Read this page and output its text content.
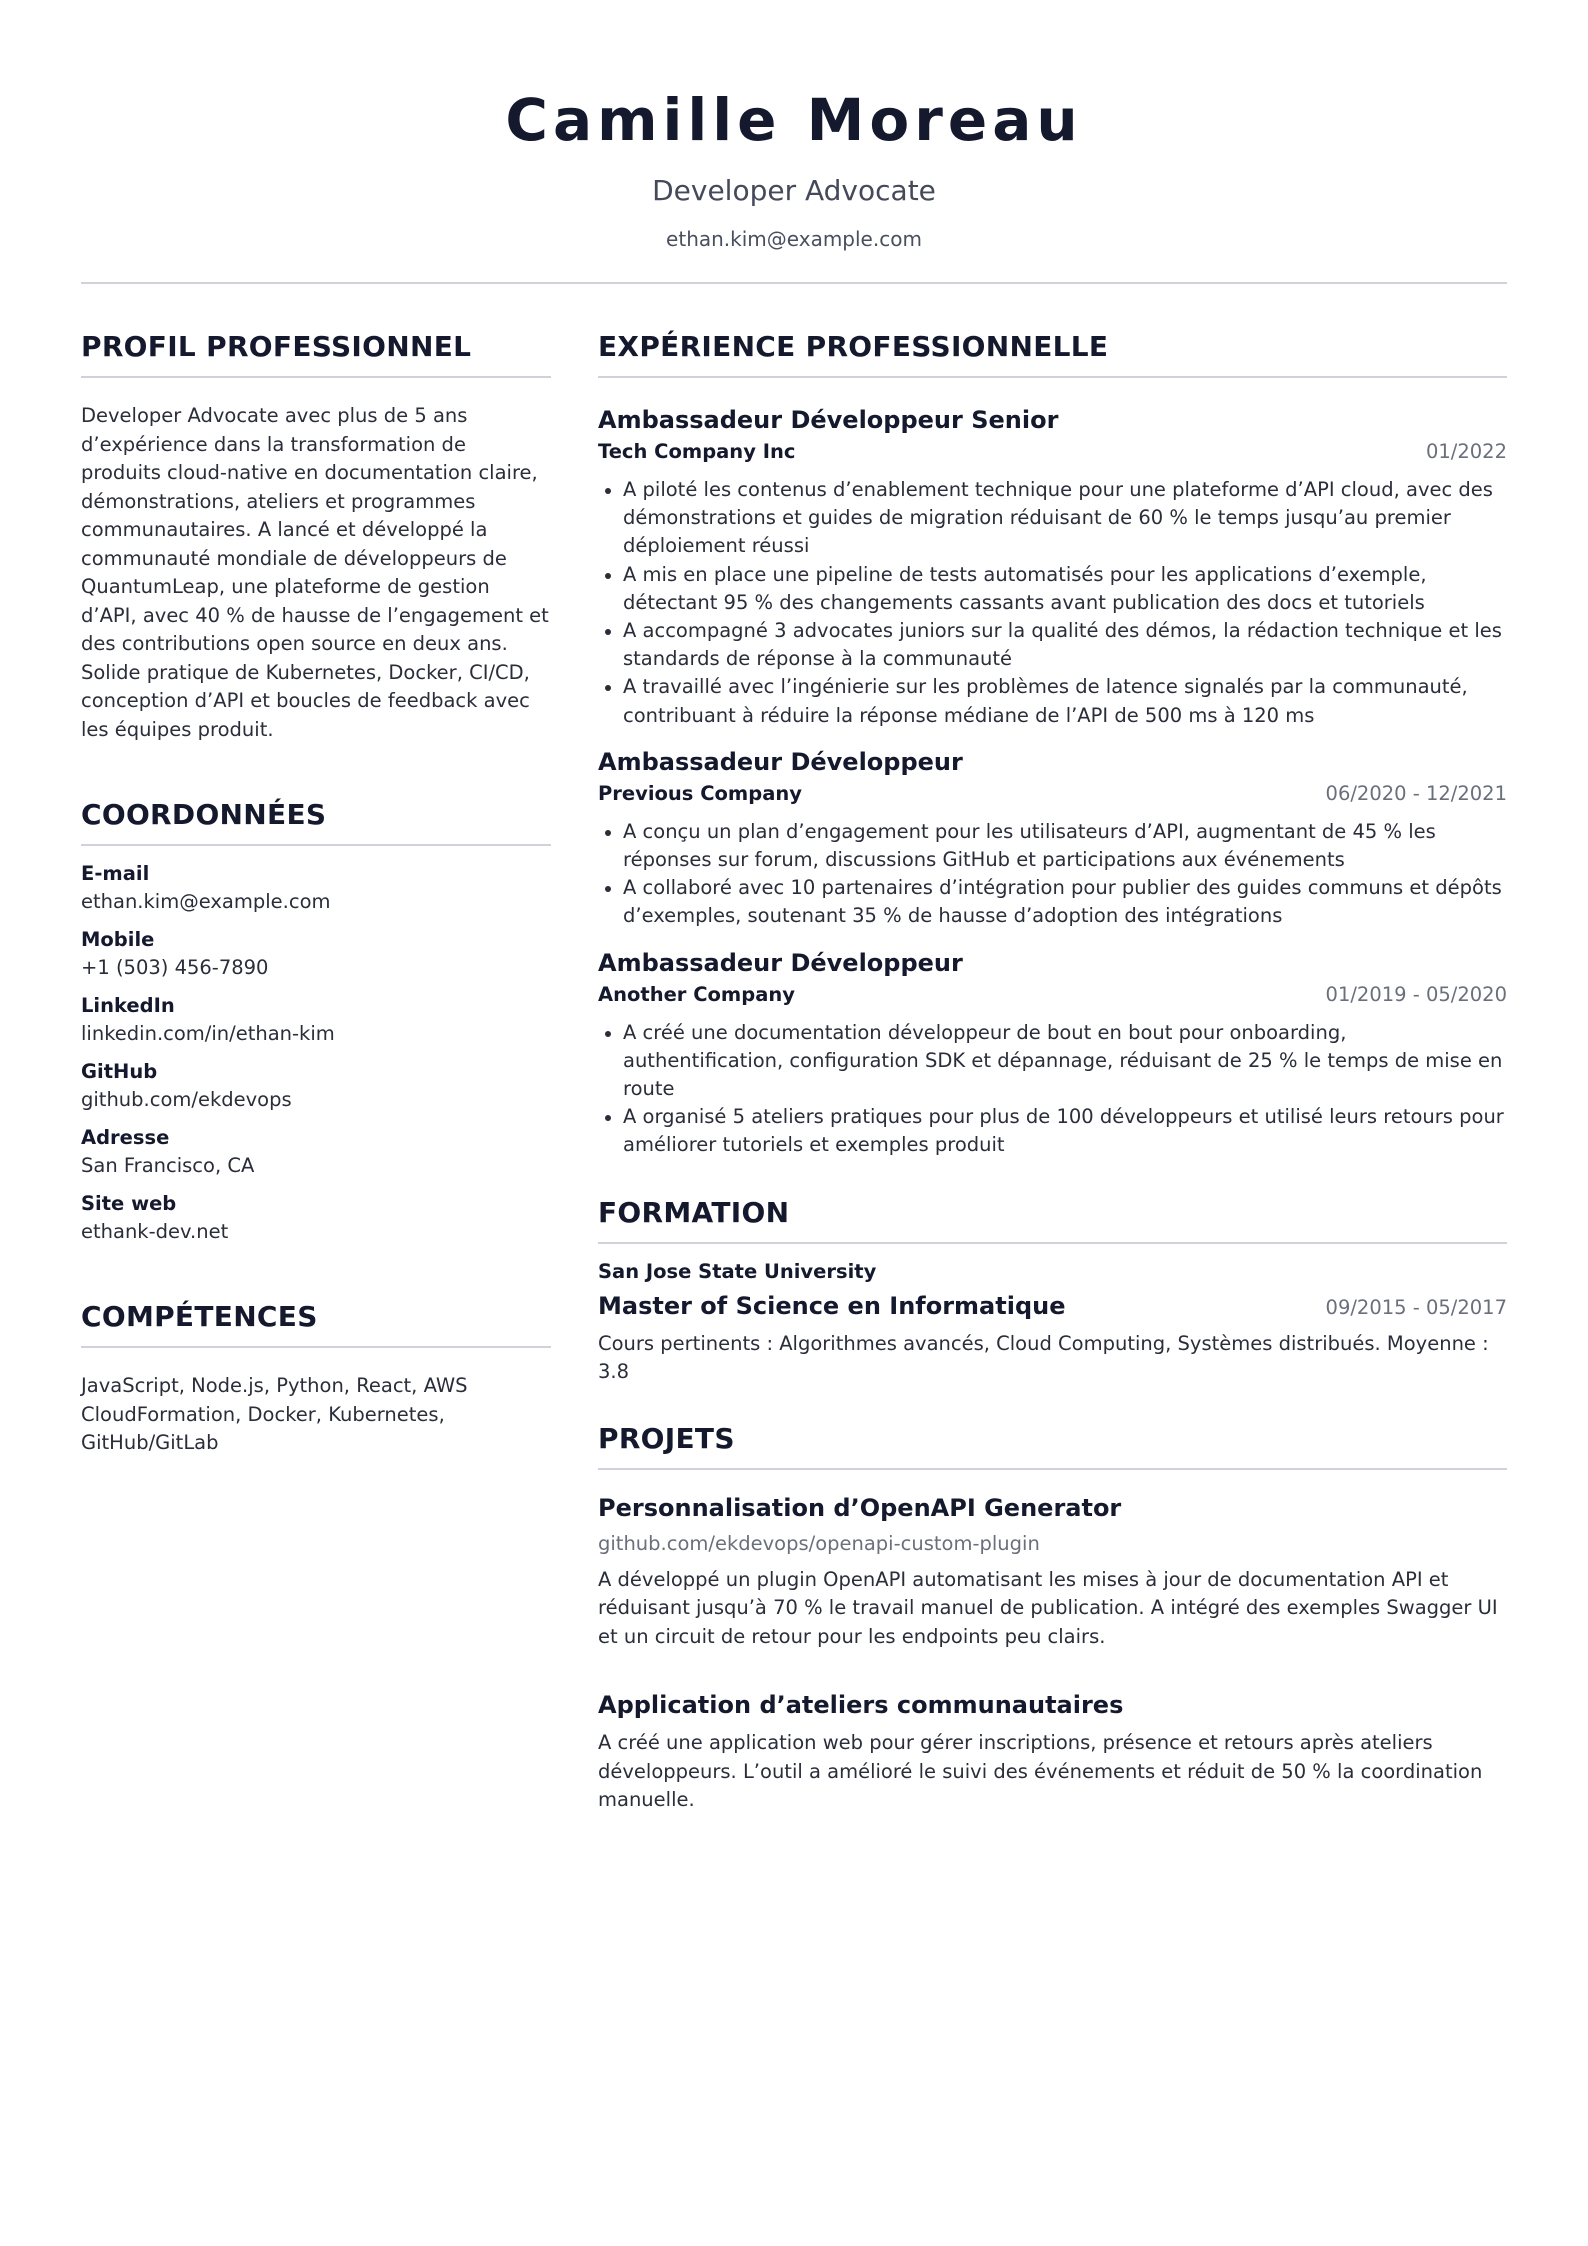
Camille Moreau
Developer Advocate
ethan.kim@example.com
PROFIL PROFESSIONNEL

Developer Advocate avec plus de 5 ans d’expérience dans la transformation de produits cloud-native en documentation claire, démonstrations, ateliers et programmes communautaires. A lancé et développé la communauté mondiale de développeurs de QuantumLeap, une plateforme de gestion d’API, avec 40 % de hausse de l’engagement et des contributions open source en deux ans. Solide pratique de Kubernetes, Docker, CI/CD, conception d’API et boucles de feedback avec les équipes produit.

COORDONNÉES
E-mail
ethan.kim@example.com
Mobile
+1 (503) 456-7890
LinkedIn
linkedin.com/in/ethan-kim
GitHub
github.com/ekdevops
Adresse
San Francisco, CA
Site web
ethank-dev.net
COMPÉTENCES

JavaScript, Node.js, Python, React, AWS CloudFormation, Docker, Kubernetes, GitHub/GitLab

EXPÉRIENCE PROFESSIONNELLE
Ambassadeur Développeur Senior
Tech Company Inc	01/2022
A piloté les contenus d’enablement technique pour une plateforme d’API cloud, avec des démonstrations et guides de migration réduisant de 60 % le temps jusqu’au premier déploiement réussi
A mis en place une pipeline de tests automatisés pour les applications d’exemple, détectant 95 % des changements cassants avant publication des docs et tutoriels
A accompagné 3 advocates juniors sur la qualité des démos, la rédaction technique et les standards de réponse à la communauté
A travaillé avec l’ingénierie sur les problèmes de latence signalés par la communauté, contribuant à réduire la réponse médiane de l’API de 500 ms à 120 ms
Ambassadeur Développeur
Previous Company	06/2020 - 12/2021
A conçu un plan d’engagement pour les utilisateurs d’API, augmentant de 45 % les réponses sur forum, discussions GitHub et participations aux événements
A collaboré avec 10 partenaires d’intégration pour publier des guides communs et dépôts d’exemples, soutenant 35 % de hausse d’adoption des intégrations
Ambassadeur Développeur
Another Company	01/2019 - 05/2020
A créé une documentation développeur de bout en bout pour onboarding, authentification, configuration SDK et dépannage, réduisant de 25 % le temps de mise en route
A organisé 5 ateliers pratiques pour plus de 100 développeurs et utilisé leurs retours pour améliorer tutoriels et exemples produit
FORMATION
San Jose State University
Master of Science en Informatique	09/2015 - 05/2017
Cours pertinents : Algorithmes avancés, Cloud Computing, Systèmes distribués. Moyenne : 3.8
PROJETS
Personnalisation d’OpenAPI Generator
github.com/ekdevops/openapi-custom-plugin
A développé un plugin OpenAPI automatisant les mises à jour de documentation API et réduisant jusqu’à 70 % le travail manuel de publication. A intégré des exemples Swagger UI et un circuit de retour pour les endpoints peu clairs.
Application d’ateliers communautaires
A créé une application web pour gérer inscriptions, présence et retours après ateliers développeurs. L’outil a amélioré le suivi des événements et réduit de 50 % la coordination manuelle.
